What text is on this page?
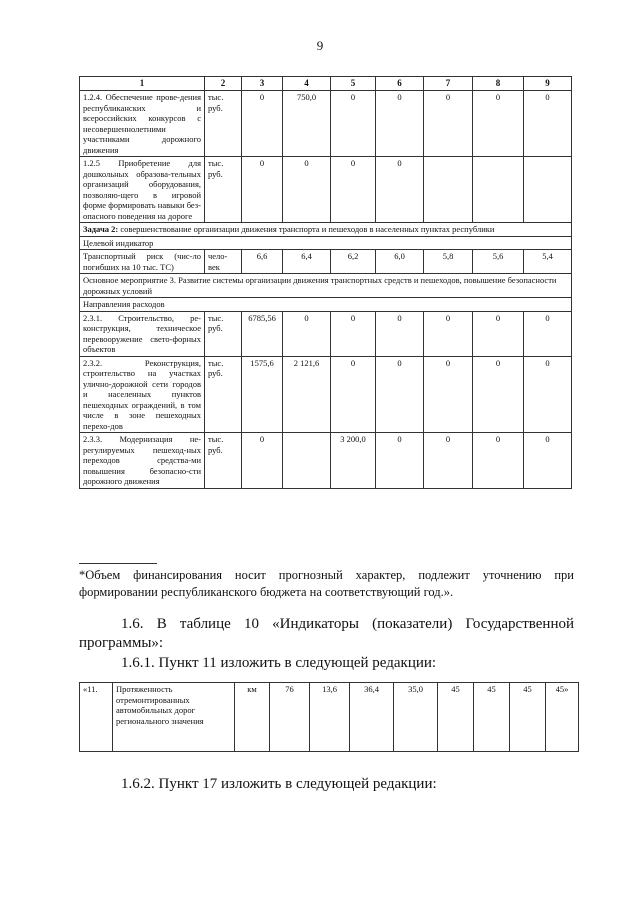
9
1	2	3	4	5	6	7	8	9
1.2.4. Обеспечение прове-дения республиканских и всероссийских конкурсов с несовершеннолетними участниками дорожного движения	тыс. руб.	0	750,0	0	0	0	0	0
1.2.5 Приобретение для дошкольных образова-тельных организаций оборудования, позволяю-щего в игровой форме формировать навыки без-опасного поведения на дороге	тыс. руб.	0	0	0	0			
Задача 2: совершенствование организации движения транспорта и пешеходов в населенных пунктах республики								
Целевой индикатор								
Транспортный риск (чис-ло погибших на 10 тыс. ТС)	чело-век	6,6	6,4	6,2	6,0	5,8	5,6	5,4
Основное мероприятие 3. Развитие системы организации движения транспортных средств и пешеходов, повышение безопасности дорожных условий								
Направления расходов								
2.3.1. Строительство, ре-конструкция, техническое перевооружение свето-форных объектов	тыс. руб.	6785,56	0	0	0	0	0	0
2.3.2. Реконструкция, строительство на участках улично-дорожной сети городов и населенных пунктов пешеходных ограждений, в том числе в зоне пешеходных перехо-дов	тыс. руб.	1575,6	2 121,6	0	0	0	0	0
2.3.3. Модернизация не-регулируемых пешеход-ных переходов средства-ми повышения безопасно-сти дорожного движения	тыс. руб.	0		3 200,0	0	0	0	0
*Объем финансирования носит прогнозный характер, подлежит уточнению при формировании республиканского бюджета на соответствующий год.».
1.6. В таблице 10 «Индикаторы (показатели) Государственной программы»:
1.6.1. Пункт 11 изложить в следующей редакции:
«11.	Протяженность отремонтированных автомобильных дорог регионального значения	км	76	13,6	36,4	35,0	45	45	45	45»
1.6.2. Пункт 17 изложить в следующей редакции:
